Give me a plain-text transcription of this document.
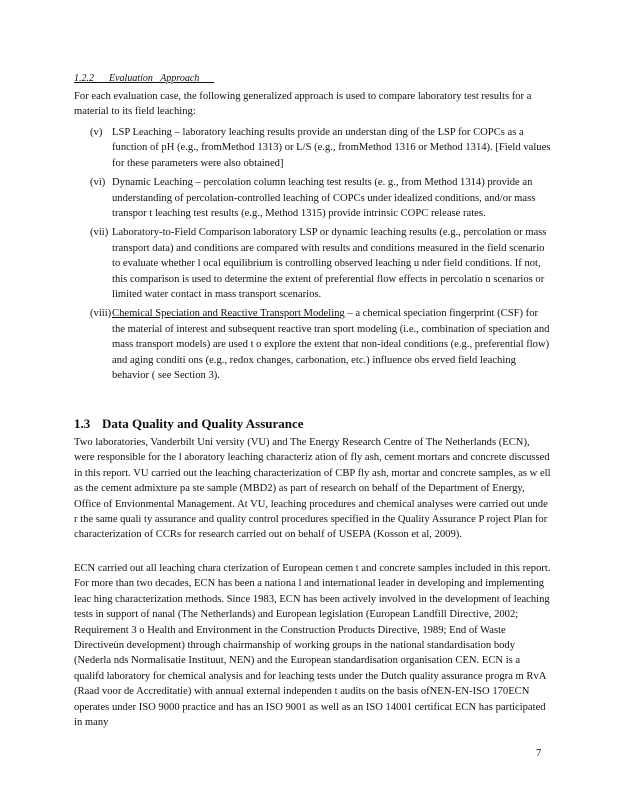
1.2.2      Evaluation   Approach

For each evaluation case, the following generalized approach is used to compare laboratory test results for a material to its field leaching:

(v) LSP Leaching – laboratory leaching results provide an understan ding of the LSP for COPCs as a function of pH (e.g., fromMethod 1313) or L/S (e.g., fromMethod 1316 or Method 1314). [Field values for these parameters were also obtained]
(vi) Dynamic Leaching – percolation column leaching test results (e. g., from Method 1314) provide an understanding of percolation‐controlled leaching of COPCs under idealized conditions, and/or mass transpor t leaching test results (e.g., Method 1315) provide intrinsic COPC release rates.
(vii) Laboratory‐to‐Field Comparison laboratory LSP or dynamic leaching results (e.g., percolation or mass transport data) and conditions are compared with results and conditions measured in the field scenario to evaluate whether l ocal equilibrium is controlling observed leaching u nder field conditions. If not, this comparison is used to determine the extent of preferential flow effects in percolatio n scenarios or limited water contact in mass transport scenarios.
(viii) Chemical Speciation and Reactive Transport Modeling – a chemical speciation fingerprint (CSF) for the material of interest and subsequent reactive tran sport modeling (i.e., combination of speciation and mass transport models) are used t o explore the extent that non‐ideal conditions (e.g., preferential flow) and aging conditi ons (e.g., redox changes, carbonation, etc.) influence obs erved field leaching behavior ( see Section 3).
1.3 Data Quality and Quality Assurance

Two laboratories, Vanderbilt Uni versity (VU) and The Energy Research Centre of The Netherlands (ECN), were responsible for the l aboratory leaching characteriz ation of fly ash, cement mortars and concrete discussed in this report. VU carried out the leaching characterization of CBP fly ash, mortar and concrete samples, as w ell as the cement admixture pa ste sample (MBD2) as part of research on behalf of the Department of Energy, Office of Envionmental Management. At VU, leaching procedures and chemical analyses were carried out unde r the same quali ty assurance and quality control procedures specified in the Quality Assurance P roject Plan for characterization of CCRs for research carried out on behalf of USEPA (Kosson et al, 2009).

ECN carried out all leaching chara cterization of European cemen t and concrete samples included in this report. For more than two decades, ECN has been a nationa l and international leader in developing and implementing leac hing characterization methods. Since 1983, ECN has been actively involved in the development of leaching tests in support of nanal (The Netherlands) and European legislation (European Landfill Directive, 2002; Requirement 3 o Health and Environment in the Construction Products Directive, 1989; End of Waste Directiveùn development) through chairmanship of working groups in the national standardisation body (Nederla nds Normalisatie Instituut, NEN) and the European standardisation organisation CEN. ECN is a qualifd laboratory for chemical analysis and for leaching tests under the Dutch quality assurance progra m RvA (Raad voor de Accreditatie) with annual external independen t audits on the basis ofNEN‐EN‐ISO 170ECN operates under ISO 9000 practice and has an ISO 9001 as well as an ISO 14001 certificat ECN has participated in many

7
